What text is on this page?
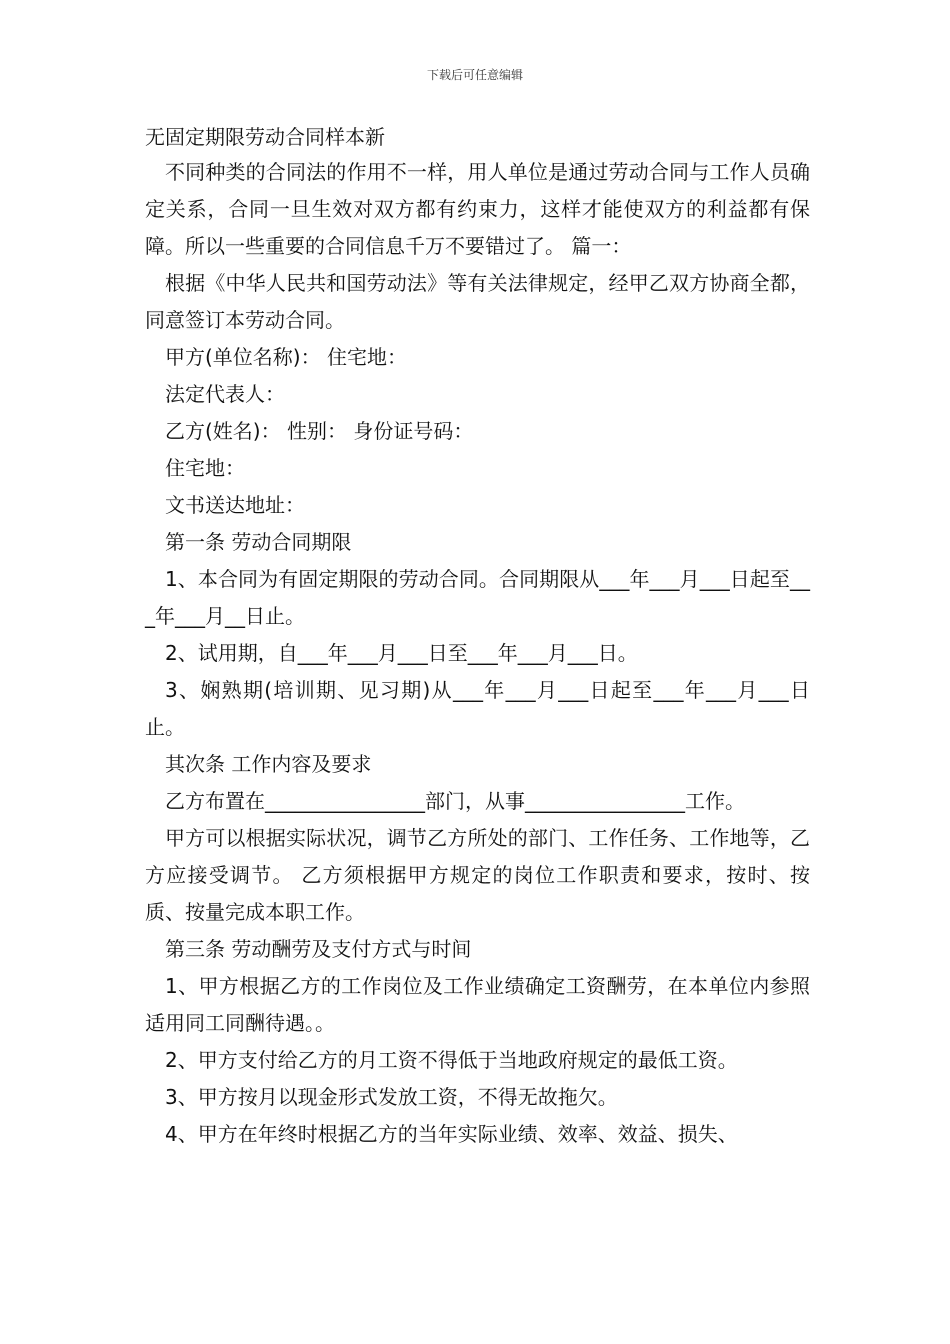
下载后可任意编辑
无固定期限劳动合同样本新

不同种类的合同法的作用不一样，用人单位是通过劳动合同与工作人员确定关系，合同一旦生效对双方都有约束力，这样才能使双方的利益都有保障。所以一些重要的合同信息千万不要错过了。 篇一：

根据《中华人民共和国劳动法》等有关法律规定，经甲乙双方协商全都，同意签订本劳动合同。

甲方(单位名称)： 住宅地：

法定代表人：

乙方(姓名)： 性别： 身份证号码：

住宅地：

文书送达地址：

第一条 劳动合同期限

1、本合同为有固定期限的劳动合同。合同期限从___年___月___日起至___年___月__日止。

2、试用期，自___年___月___日至___年___月___日。

3、娴熟期(培训期、见习期)从___年___月___日起至___年___月___日止。

其次条 工作内容及要求

乙方布置在________________部门，从事________________工作。

甲方可以根据实际状况，调节乙方所处的部门、工作任务、工作地等，乙方应接受调节。 乙方须根据甲方规定的岗位工作职责和要求，按时、按质、按量完成本职工作。

第三条 劳动酬劳及支付方式与时间

1、甲方根据乙方的工作岗位及工作业绩确定工资酬劳，在本单位内参照适用同工同酬待遇。。

2、甲方支付给乙方的月工资不得低于当地政府规定的最低工资。

3、甲方按月以现金形式发放工资，不得无故拖欠。

4、甲方在年终时根据乙方的当年实际业绩、效率、效益、损失、
